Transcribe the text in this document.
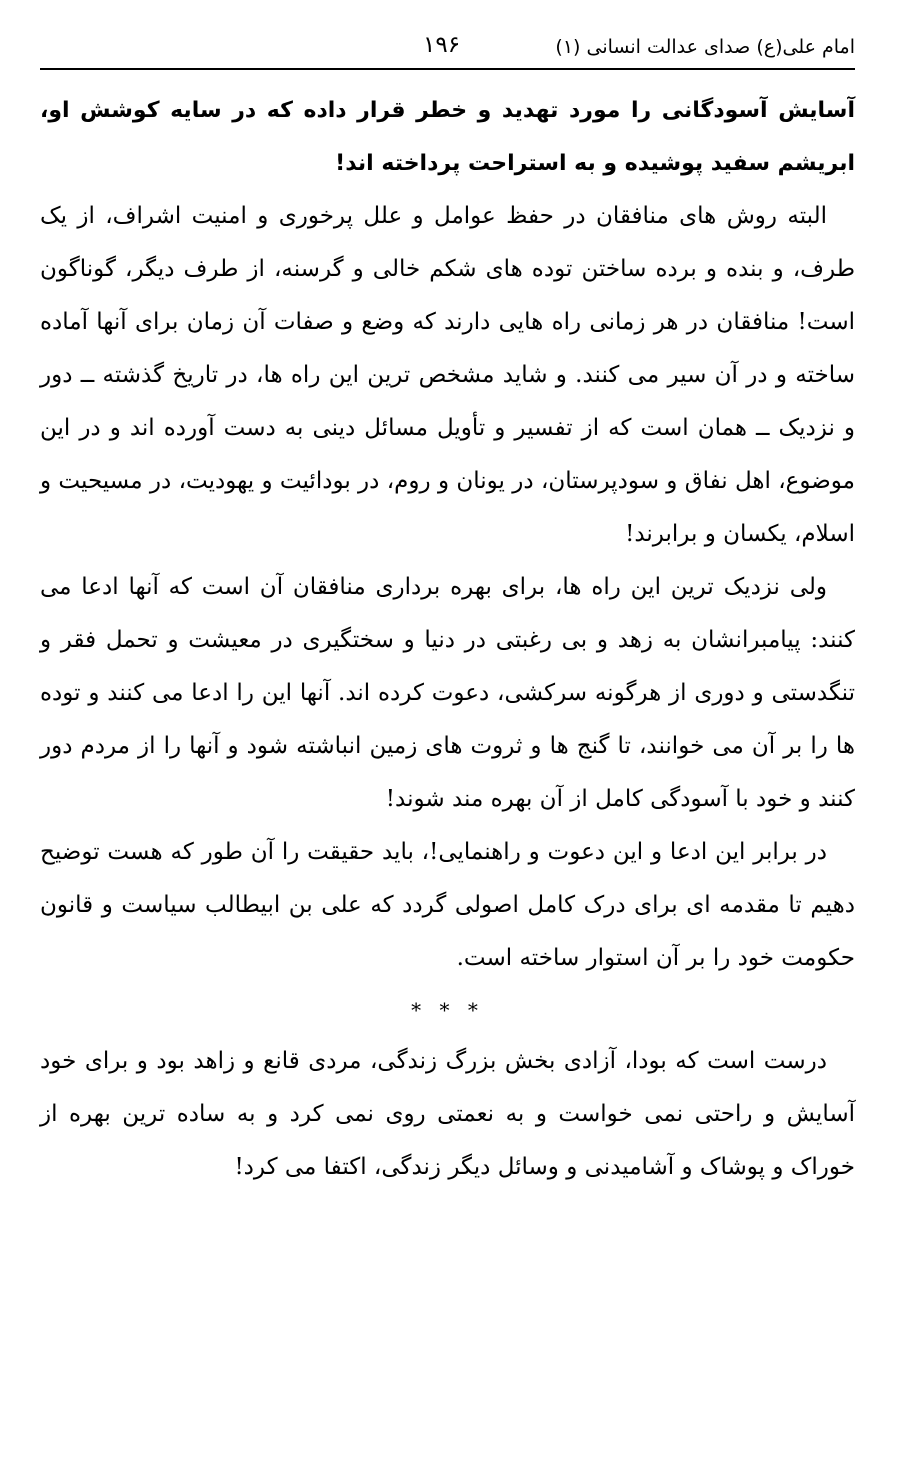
امام علی(ع) صدای عدالت انسانی (۱)
۱۹۶

آسایش آسودگانی را مورد تهدید و خطر قرار داده که در سایه کوشش او، ابریشم سفید پوشیده و به استراحت پرداخته اند!

البته روش های منافقان در حفظ عوامل و علل پرخوری و امنیت اشراف، از یک طرف، و بنده و برده ساختن توده های شکم خالی و گرسنه، از طرف دیگر، گوناگون است! منافقان در هر زمانی راه هایی دارند که وضع و صفات آن زمان برای آنها آماده ساخته و در آن سیر می کنند. و شاید مشخص ترین این راه ها، در تاریخ گذشته ــ دور و نزدیک ــ همان است که از تفسیر و تأویل مسائل دینی به دست آورده اند و در این موضوع، اهل نفاق و سودپرستان، در یونان و روم، در بودائیت و یهودیت، در مسیحیت و اسلام، یکسان و برابرند!

ولی نزدیک ترین این راه ها، برای بهره برداری منافقان آن است که آنها ادعا می کنند: پیامبرانشان به زهد و بی رغبتی در دنیا و سختگیری در معیشت و تحمل فقر و تنگدستی و دوری از هرگونه سرکشی، دعوت کرده اند. آنها این را ادعا می کنند و توده ها را بر آن می خوانند، تا گنج ها و ثروت های زمین انباشته شود و آنها را از مردم دور کنند و خود با آسودگی کامل از آن بهره مند شوند!

در برابر این ادعا و این دعوت و راهنمایی!، باید حقیقت را آن طور که هست توضیح دهیم تا مقدمه ای برای درک کامل اصولی گردد که علی بن ابیطالب سیاست و قانون حکومت خود را بر آن استوار ساخته است.

* * *

درست است که بودا، آزادی بخش بزرگ زندگی، مردی قانع و زاهد بود و برای خود آسایش و راحتی نمی خواست و به نعمتی روی نمی کرد و به ساده ترین بهره از خوراک و پوشاک و آشامیدنی و وسائل دیگر زندگی، اکتفا می کرد!
